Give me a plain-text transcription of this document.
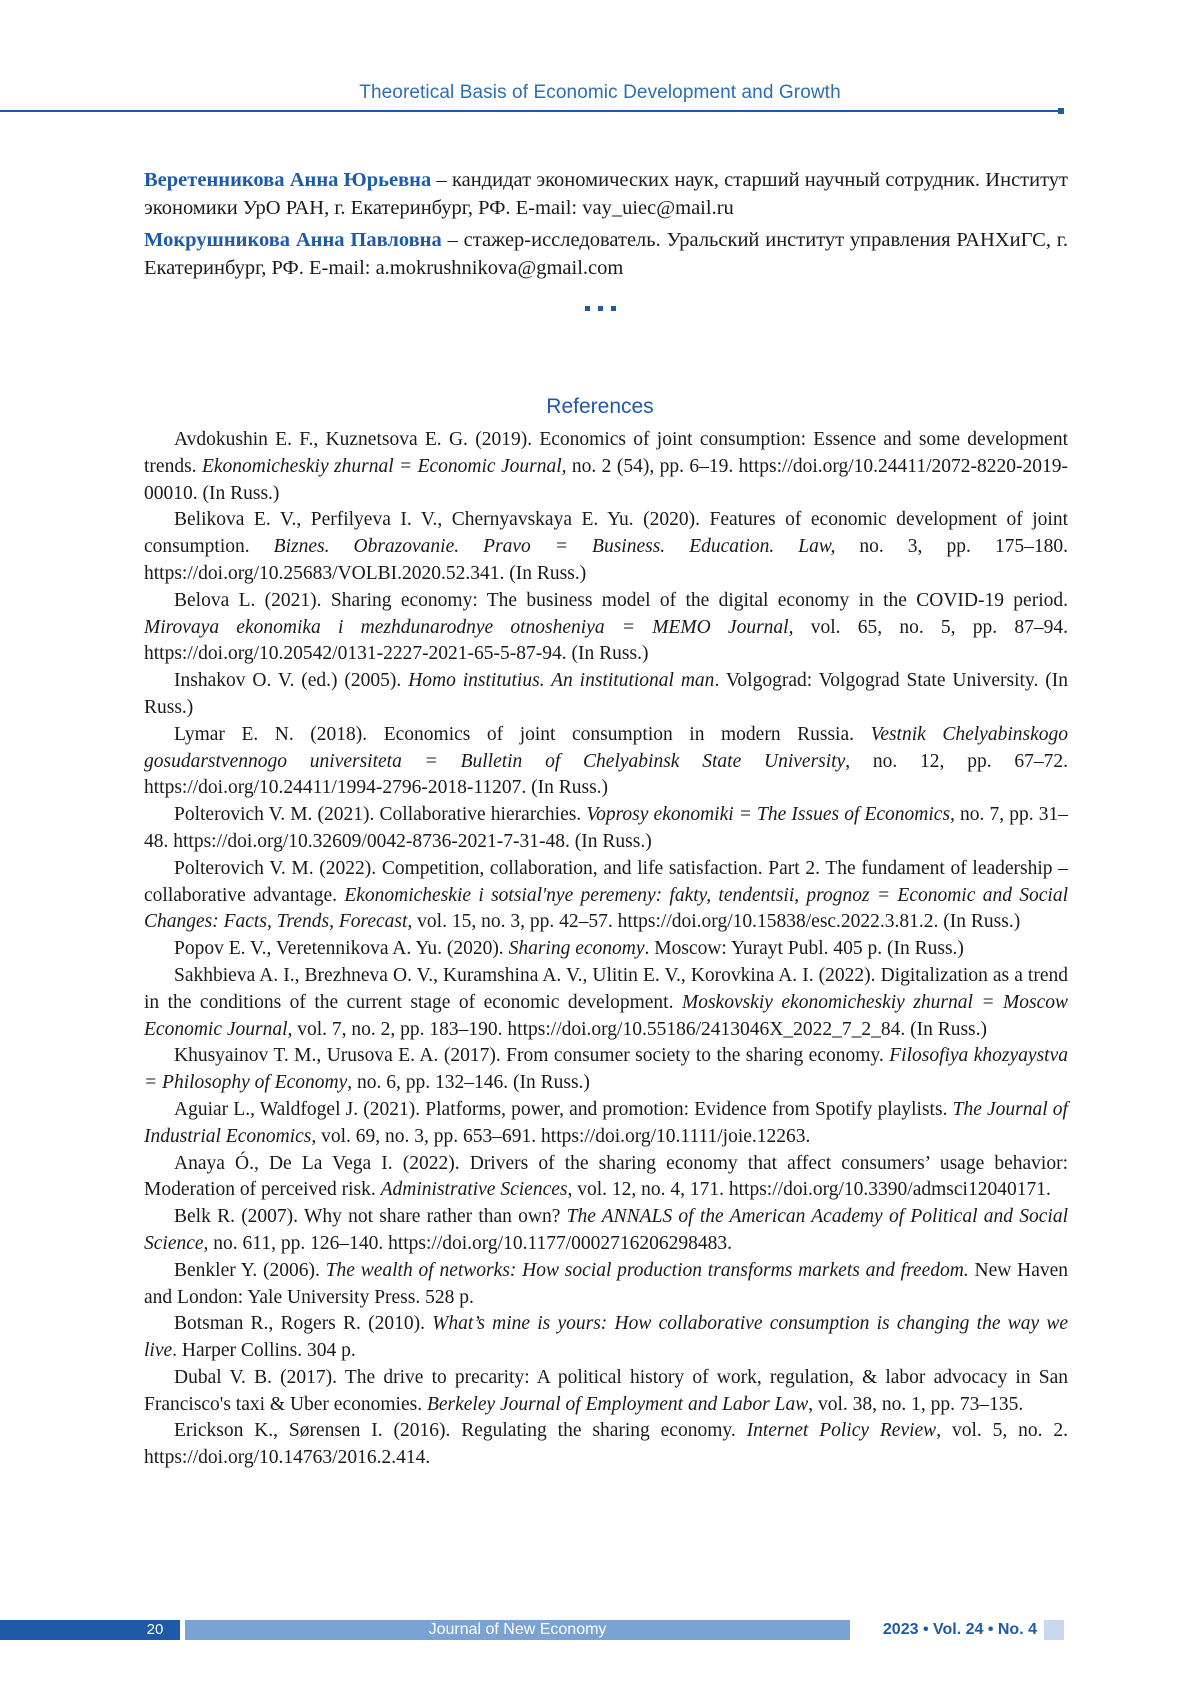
Theoretical Basis of Economic Development and Growth

Веретенникова Анна Юрьевна – кандидат экономических наук, старший научный сотрудник. Институт экономики УрО РАН, г. Екатеринбург, РФ. E-mail: vay_uiec@mail.ru

Мокрушникова Анна Павловна – стажер-исследователь. Уральский институт управления РАНХиГС, г. Екатеринбург, РФ. E-mail: a.mokrushnikova@gmail.com

References

Avdokushin E. F., Kuznetsova E. G. (2019). Economics of joint consumption: Essence and some development trends. Ekonomicheskiy zhurnal = Economic Journal, no. 2 (54), pp. 6–19. https://doi.org/10.24411/2072-8220-2019-00010. (In Russ.)

Belikova E. V., Perfilyeva I. V., Chernyavskaya E. Yu. (2020). Features of economic development of joint consumption. Biznes. Obrazovanie. Pravo = Business. Education. Law, no. 3, pp. 175–180. https://doi.org/10.25683/VOLBI.2020.52.341. (In Russ.)

Belova L. (2021). Sharing economy: The business model of the digital economy in the COVID-19 period. Mirovaya ekonomika i mezhdunarodnye otnosheniya = MEMO Journal, vol. 65, no. 5, pp. 87–94. https://doi.org/10.20542/0131-2227-2021-65-5-87-94. (In Russ.)

Inshakov O. V. (ed.) (2005). Homo institutius. An institutional man. Volgograd: Volgograd State University. (In Russ.)

Lymar E. N. (2018). Economics of joint consumption in modern Russia. Vestnik Chelyabinskogo gosudarstvennogo universiteta = Bulletin of Chelyabinsk State University, no. 12, pp. 67–72. https://doi.org/10.24411/1994-2796-2018-11207. (In Russ.)

Polterovich V. M. (2021). Collaborative hierarchies. Voprosy ekonomiki = The Issues of Economics, no. 7, pp. 31–48. https://doi.org/10.32609/0042-8736-2021-7-31-48. (In Russ.)

Polterovich V. M. (2022). Competition, collaboration, and life satisfaction. Part 2. The fundament of leadership – collaborative advantage. Ekonomicheskie i sotsial'nye peremeny: fakty, tendentsii, prognoz = Economic and Social Changes: Facts, Trends, Forecast, vol. 15, no. 3, pp. 42–57. https://doi.org/10.15838/esc.2022.3.81.2. (In Russ.)

Popov E. V., Veretennikova A. Yu. (2020). Sharing economy. Moscow: Yurayt Publ. 405 p. (In Russ.)

Sakhbieva A. I., Brezhneva O. V., Kuramshina A. V., Ulitin E. V., Korovkina A. I. (2022). Digitalization as a trend in the conditions of the current stage of economic development. Moskovskiy ekonomicheskiy zhurnal = Moscow Economic Journal, vol. 7, no. 2, pp. 183–190. https://doi.org/10.55186/2413046X_2022_7_2_84. (In Russ.)

Khusyainov T. M., Urusova E. A. (2017). From consumer society to the sharing economy. Filosofiya khozyaystva = Philosophy of Economy, no. 6, pp. 132–146. (In Russ.)

Aguiar L., Waldfogel J. (2021). Platforms, power, and promotion: Evidence from Spotify playlists. The Journal of Industrial Economics, vol. 69, no. 3, pp. 653–691. https://doi.org/10.1111/joie.12263.

Anaya Ó., De La Vega I. (2022). Drivers of the sharing economy that affect consumers’ usage behavior: Moderation of perceived risk. Administrative Sciences, vol. 12, no. 4, 171. https://doi.org/10.3390/admsci12040171.

Belk R. (2007). Why not share rather than own? The ANNALS of the American Academy of Political and Social Science, no. 611, pp. 126–140. https://doi.org/10.1177/0002716206298483.

Benkler Y. (2006). The wealth of networks: How social production transforms markets and freedom. New Haven and London: Yale University Press. 528 p.

Botsman R., Rogers R. (2010). What’s mine is yours: How collaborative consumption is changing the way we live. Harper Collins. 304 p.

Dubal V. B. (2017). The drive to precarity: A political history of work, regulation, & labor advocacy in San Francisco's taxi & Uber economies. Berkeley Journal of Employment and Labor Law, vol. 38, no. 1, pp. 73–135.

Erickson K., Sørensen I. (2016). Regulating the sharing economy. Internet Policy Review, vol. 5, no. 2. https://doi.org/10.14763/2016.2.414.

20	Journal of New Economy	2023 • Vol. 24 • No. 4
